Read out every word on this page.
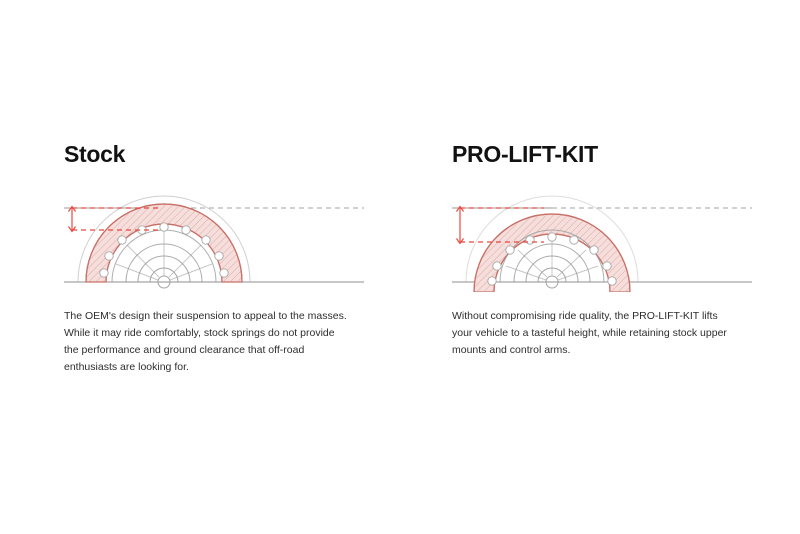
Stock
The OEM's design their suspension to appeal to the masses. While it may ride comfortably, stock springs do not provide the performance and ground clearance that off-road enthusiasts are looking for.
PRO-LIFT-KIT
Without compromising ride quality, the PRO-LIFT-KIT lifts your vehicle to a tasteful height, while retaining stock upper mounts and control arms.
